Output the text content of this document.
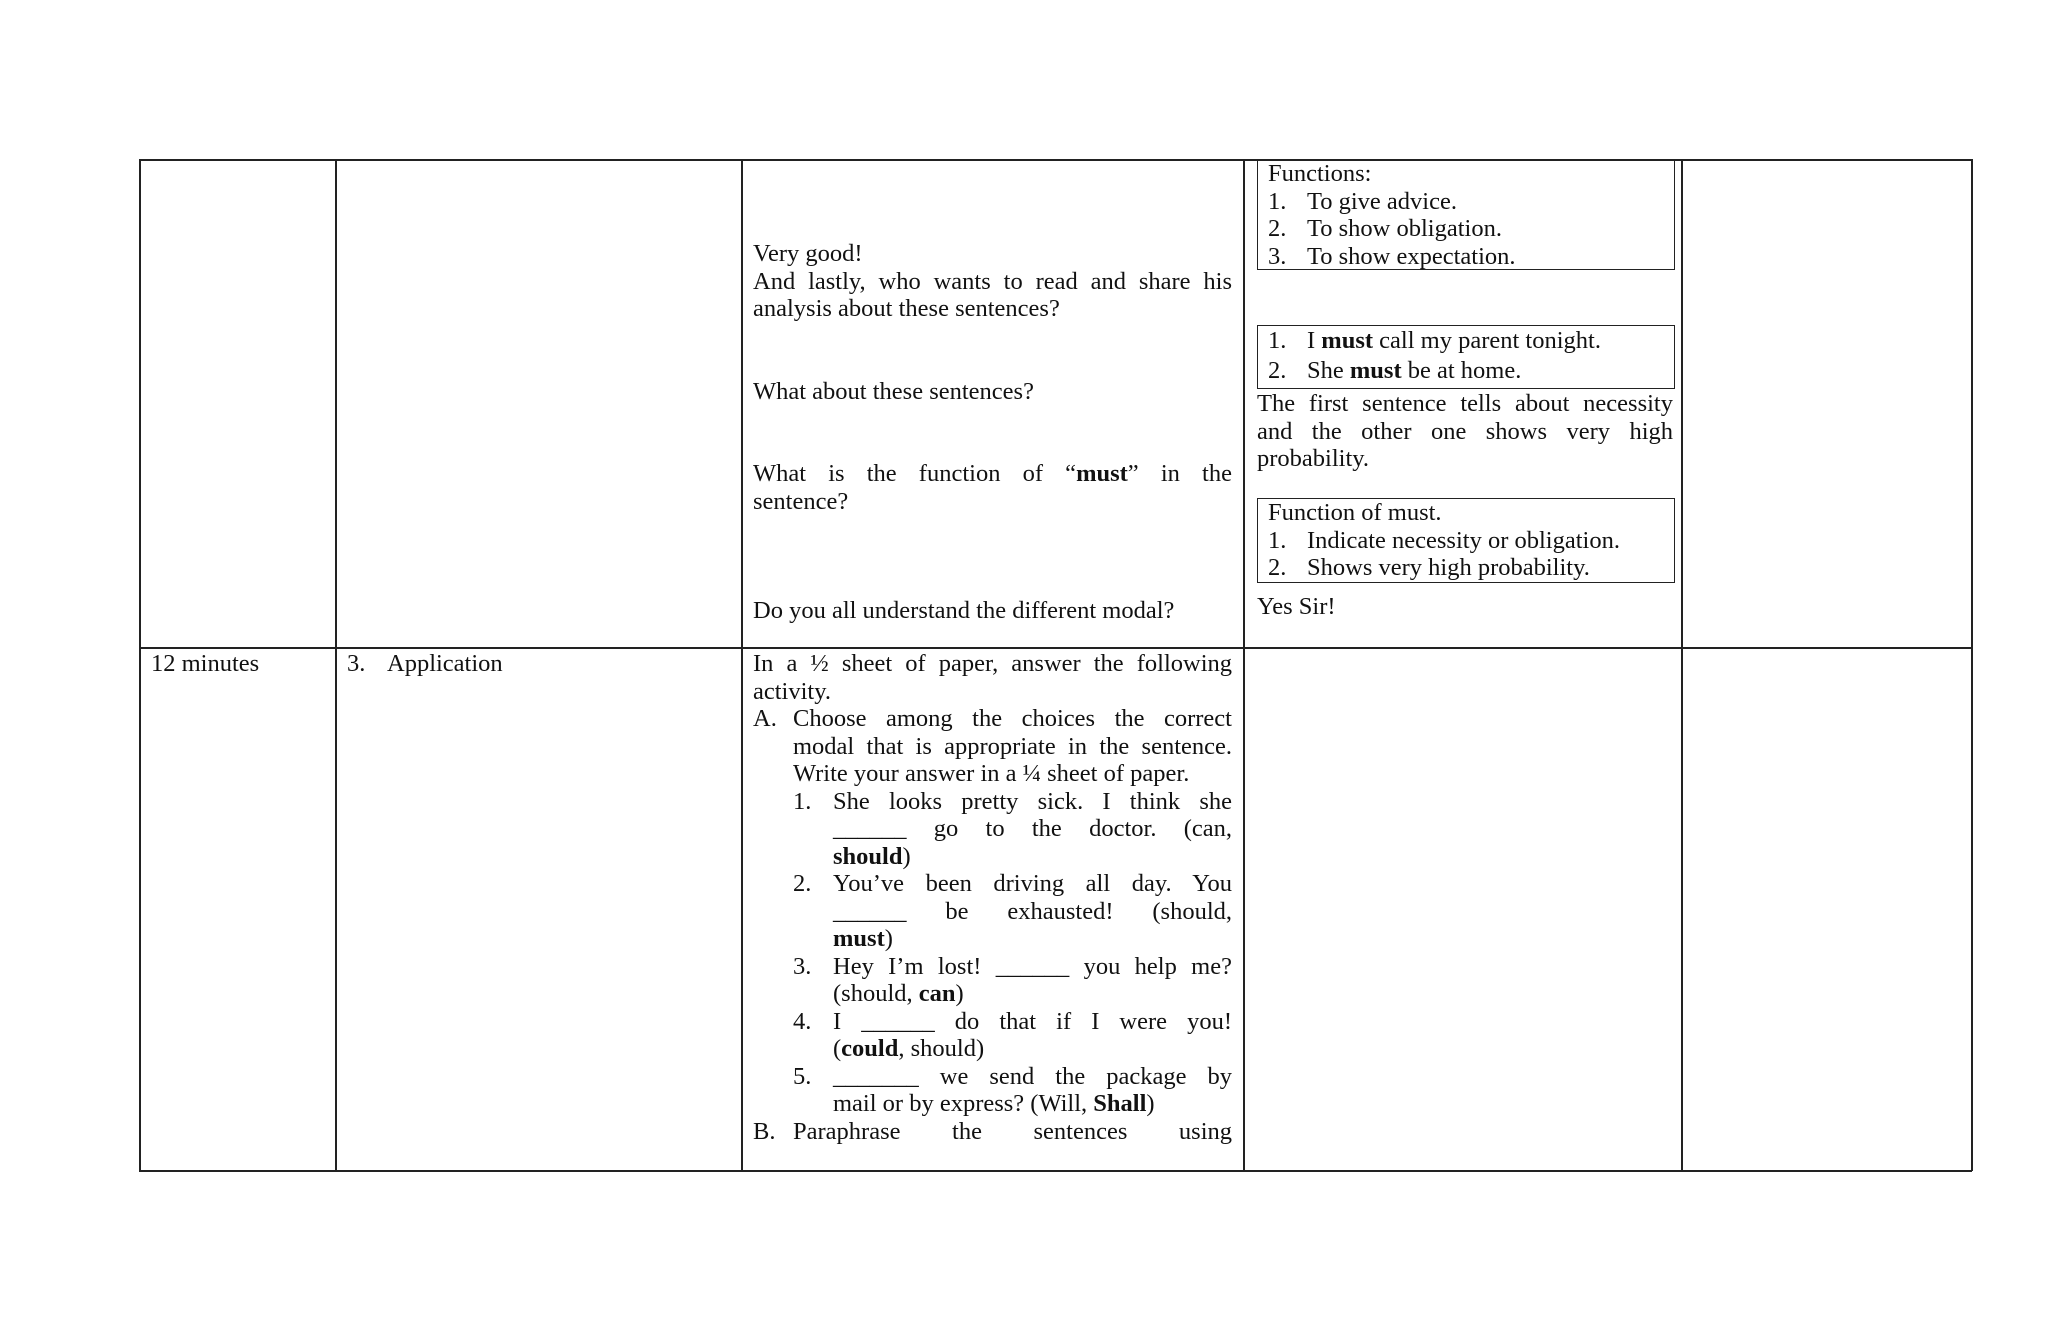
Very good!
And lastly, who wants to read and share his analysis about these sentences?
What about these sentences?
What is the function of “must” in the sentence?
Do you all understand the different modal?
Functions:
1. To give advice.
2. To show obligation.
3. To show expectation.
1. I must call my parent tonight.
2. She must be at home.
The first sentence tells about necessity and the other one shows very high probability.
Function of must.
1. Indicate necessity or obligation.
2. Shows very high probability.
Yes Sir!
12 minutes	3. Application	In a ½ sheet of paper, answer the following activity.
A. Choose among the choices the correct modal that is appropriate in the sentence. Write your answer in a ¼ sheet of paper.
1. She looks pretty sick. I think she
______ go to the doctor. (can,
should)
2. You’ve been driving all day. You
______ be exhausted! (should,
must)
3. Hey I’m lost! ______ you help me?
(should, can)
4. I ______ do that if I were you!
(could, should)
5. _______ we send the package by
mail or by express? (Will, Shall)
B. Paraphrase the sentences using
